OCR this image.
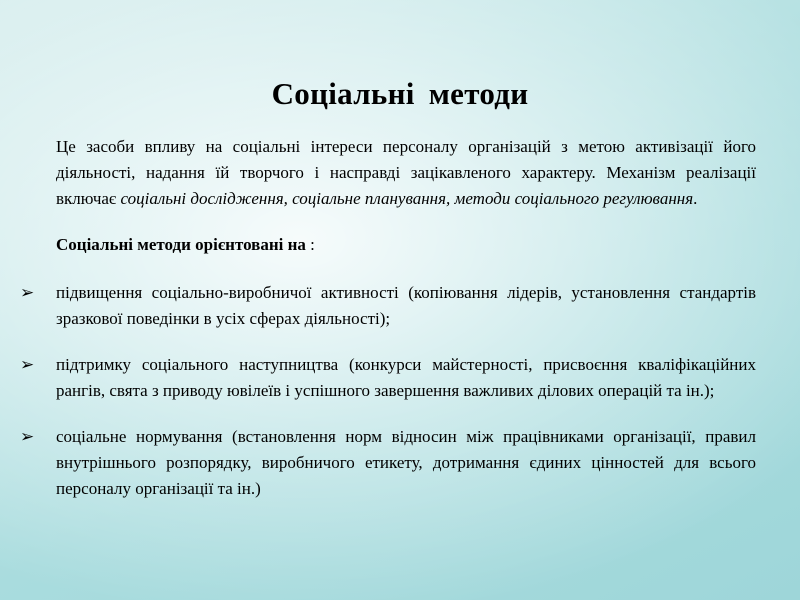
Соціальні методи

Це засоби впливу на соціальні інтереси персоналу організацій з метою активізації його діяльності, надання їй творчого і насправді зацікавленого характеру. Механізм реалізації включає соціальні дослідження, соціальне планування, методи соціального регулювання.

Соціальні методи орієнтовані на :

➢ підвищення соціально-виробничої активності (копіювання лідерів, установлення стандартів зразкової поведінки в усіх сферах діяльності);
➢ підтримку соціального наступництва (конкурси майстерності, присвоєння кваліфікаційних рангів, свята з приводу ювілеїв і успішного завершення важливих ділових операцій та ін.);
➢ соціальне нормування (встановлення норм відносин між працівниками організації, правил внутрішнього розпорядку, виробничого етикету, дотримання єдиних цінностей для всього персоналу організації та ін.)
